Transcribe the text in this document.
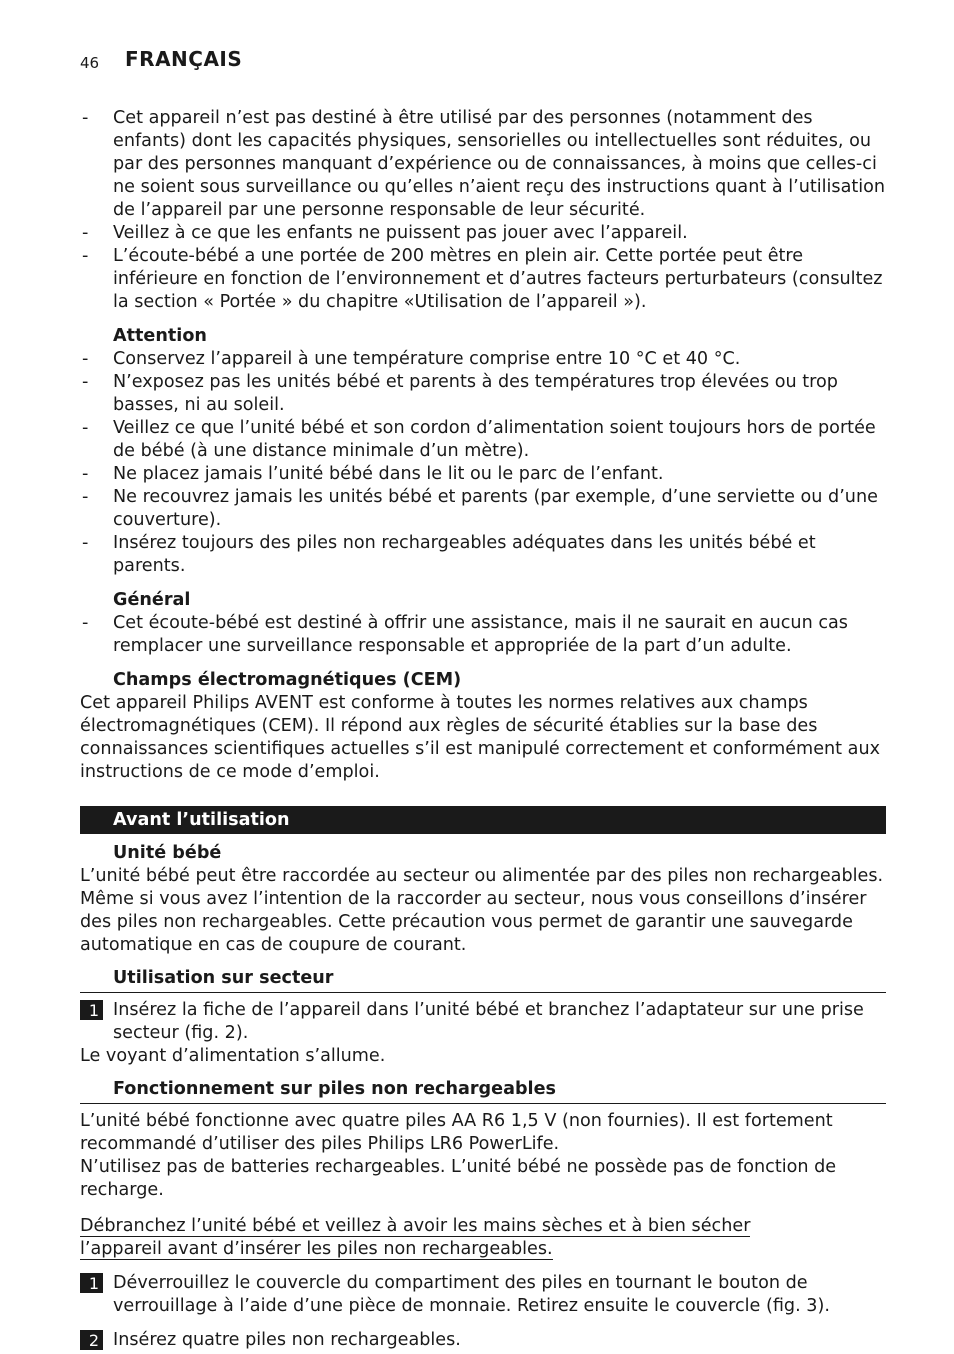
46 FRANÇAIS

- Cet appareil n’est pas destiné à être utilisé par des personnes (notamment des enfants) dont les capacités physiques, sensorielles ou intellectuelles sont réduites, ou par des personnes manquant d’expérience ou de connaissances, à moins que celles-ci ne soient sous surveillance ou qu’elles n’aient reçu des instructions quant à l’utilisation de l’appareil par une personne responsable de leur sécurité.

- Veillez à ce que les enfants ne puissent pas jouer avec l’appareil.

- L’écoute-bébé a une portée de 200 mètres en plein air. Cette portée peut être inférieure en fonction de l’environnement et d’autres facteurs perturbateurs (consultez la section « Portée » du chapitre «Utilisation de l’appareil »).

Attention

- Conservez l’appareil à une température comprise entre 10 °C et 40 °C.

- N’exposez pas les unités bébé et parents à des températures trop élevées ou trop basses, ni au soleil.

- Veillez ce que l’unité bébé et son cordon d’alimentation soient toujours hors de portée de bébé (à une distance minimale d’un mètre).

- Ne placez jamais l’unité bébé dans le lit ou le parc de l’enfant.

- Ne recouvrez jamais les unités bébé et parents (par exemple, d’une serviette ou d’une couverture).

- Insérez toujours des piles non rechargeables adéquates dans les unités bébé et parents.

Général

- Cet écoute-bébé est destiné à offrir une assistance, mais il ne saurait en aucun cas remplacer une surveillance responsable et appropriée de la part d’un adulte.

Champs électromagnétiques (CEM)

Cet appareil Philips AVENT est conforme à toutes les normes relatives aux champs électromagnétiques (CEM). Il répond aux règles de sécurité établies sur la base des connaissances scientifiques actuelles s’il est manipulé correctement et conformément aux instructions de ce mode d’emploi.

Avant l’utilisation
Unité bébé

L’unité bébé peut être raccordée au secteur ou alimentée par des piles non rechargeables. Même si vous avez l’intention de la raccorder au secteur, nous vous conseillons d’insérer des piles non rechargeables. Cette précaution vous permet de garantir une sauvegarde automatique en cas de coupure de courant.

Utilisation sur secteur
1 Insérez la fiche de l’appareil dans l’unité bébé et branchez l’adaptateur sur une prise secteur (fig. 2).

Le voyant d’alimentation s’allume.

Fonctionnement sur piles non rechargeables

L’unité bébé fonctionne avec quatre piles AA R6 1,5 V (non fournies). Il est fortement recommandé d’utiliser des piles Philips LR6 PowerLife.

N’utilisez pas de batteries rechargeables. L’unité bébé ne possède pas de fonction de recharge.

Débranchez l’unité bébé et veillez à avoir les mains sèches et à bien sécher l’appareil avant d’insérer les piles non rechargeables.
1 Déverrouillez le couvercle du compartiment des piles en tournant le bouton de verrouillage à l’aide d’une pièce de monnaie. Retirez ensuite le couvercle (fig. 3).
2 Insérez quatre piles non rechargeables.
